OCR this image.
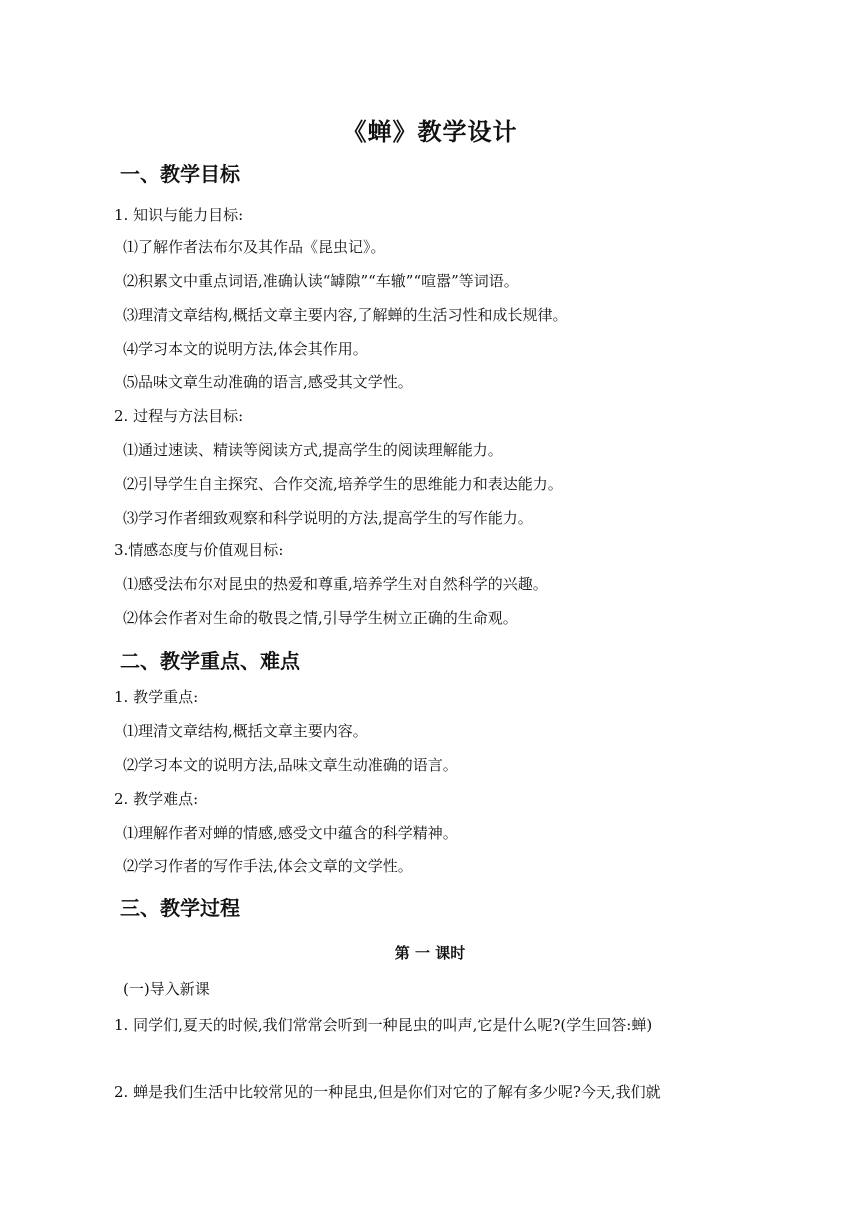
《蝉》教学设计
一、教学目标
1. 知识与能力目标:
⑴了解作者法布尔及其作品《昆虫记》。
⑵积累文中重点词语,准确认读“罅隙”“车辙”“喧嚣”等词语。
⑶理清文章结构,概括文章主要内容,了解蝉的生活习性和成长规律。
⑷学习本文的说明方法,体会其作用。
⑸品味文章生动准确的语言,感受其文学性。
2. 过程与方法目标:
⑴通过速读、精读等阅读方式,提高学生的阅读理解能力。
⑵引导学生自主探究、合作交流,培养学生的思维能力和表达能力。
⑶学习作者细致观察和科学说明的方法,提高学生的写作能力。
3.情感态度与价值观目标:
⑴感受法布尔对昆虫的热爱和尊重,培养学生对自然科学的兴趣。
⑵体会作者对生命的敬畏之情,引导学生树立正确的生命观。
二、教学重点、难点
1. 教学重点:
⑴理清文章结构,概括文章主要内容。
⑵学习本文的说明方法,品味文章生动准确的语言。
2. 教学难点:
⑴理解作者对蝉的情感,感受文中蕴含的科学精神。
⑵学习作者的写作手法,体会文章的文学性。
三、教学过程
第 一 课时
(一)导入新课
1. 同学们,夏天的时候,我们常常会听到一种昆虫的叫声,它是什么呢?(学生回答:蝉)
2. 蝉是我们生活中比较常见的一种昆虫,但是你们对它的了解有多少呢?今天,我们就
